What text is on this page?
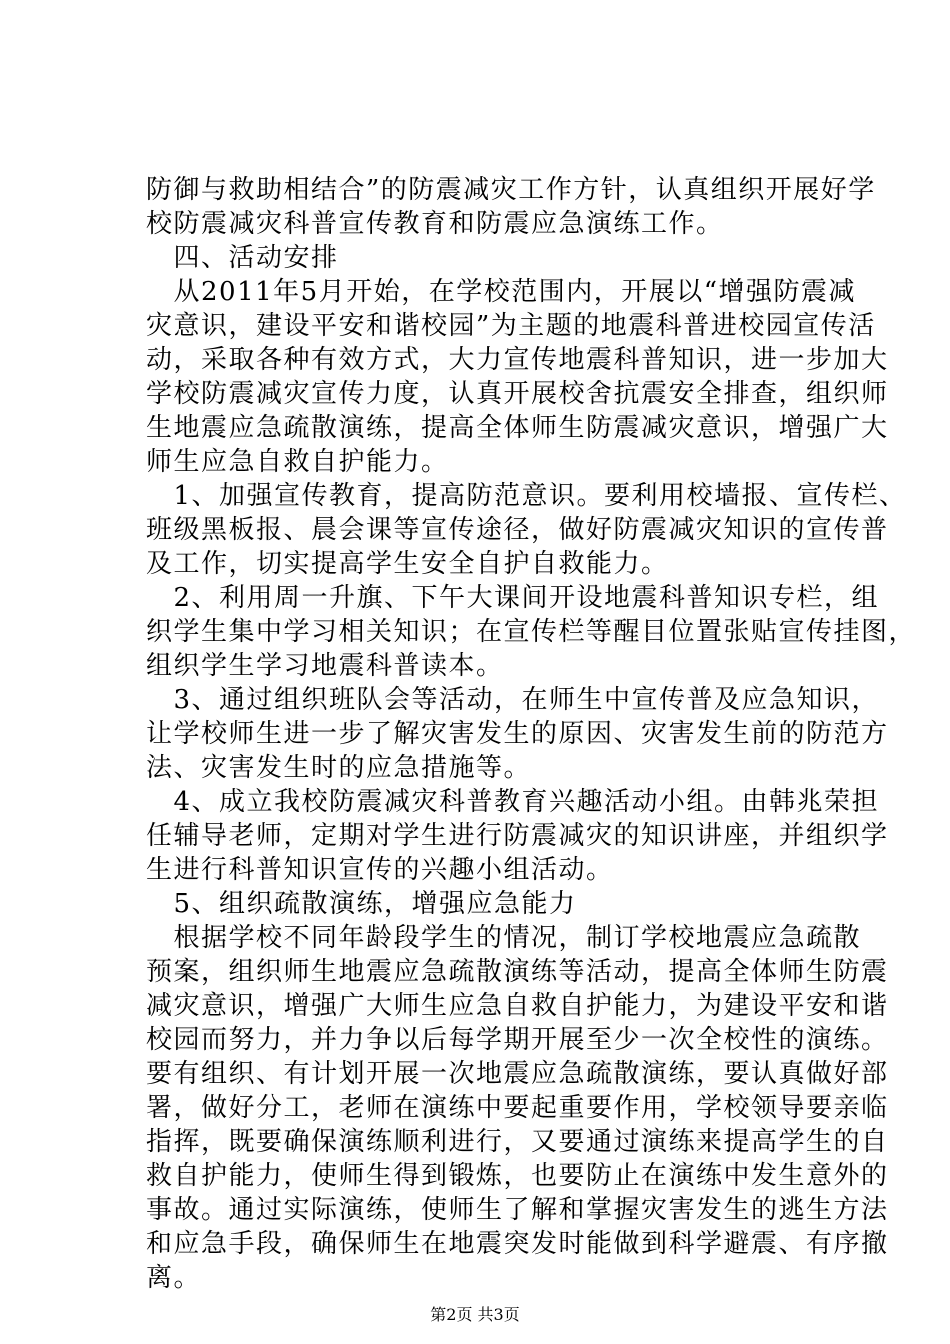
防御与救助相结合”的防震减灾工作方针，认真组织开展好学
校防震减灾科普宣传教育和防震应急演练工作。
　四、活动安排
　从2011年5月开始，在学校范围内，开展以“增强防震减
灾意识，建设平安和谐校园”为主题的地震科普进校园宣传活
动，采取各种有效方式，大力宣传地震科普知识，进一步加大
学校防震减灾宣传力度，认真开展校舍抗震安全排查，组织师
生地震应急疏散演练，提高全体师生防震减灾意识，增强广大
师生应急自救自护能力。
　1、加强宣传教育，提高防范意识。要利用校墙报、宣传栏、
班级黑板报、晨会课等宣传途径，做好防震减灾知识的宣传普
及工作，切实提高学生安全自护自救能力。
　2、利用周一升旗、下午大课间开设地震科普知识专栏，组
织学生集中学习相关知识；在宣传栏等醒目位置张贴宣传挂图，
组织学生学习地震科普读本。
　3、通过组织班队会等活动，在师生中宣传普及应急知识，
让学校师生进一步了解灾害发生的原因、灾害发生前的防范方
法、灾害发生时的应急措施等。
　4、成立我校防震减灾科普教育兴趣活动小组。由韩兆荣担
任辅导老师，定期对学生进行防震减灾的知识讲座，并组织学
生进行科普知识宣传的兴趣小组活动。
　5、组织疏散演练，增强应急能力
　根据学校不同年龄段学生的情况，制订学校地震应急疏散
预案，组织师生地震应急疏散演练等活动，提高全体师生防震
减灾意识，增强广大师生应急自救自护能力，为建设平安和谐
校园而努力，并力争以后每学期开展至少一次全校性的演练。
要有组织、有计划开展一次地震应急疏散演练，要认真做好部
署，做好分工，老师在演练中要起重要作用，学校领导要亲临
指挥，既要确保演练顺利进行，又要通过演练来提高学生的自
救自护能力，使师生得到锻炼，也要防止在演练中发生意外的
事故。通过实际演练，使师生了解和掌握灾害发生的逃生方法
和应急手段，确保师生在地震突发时能做到科学避震、有序撤
离。
第2页 共3页
